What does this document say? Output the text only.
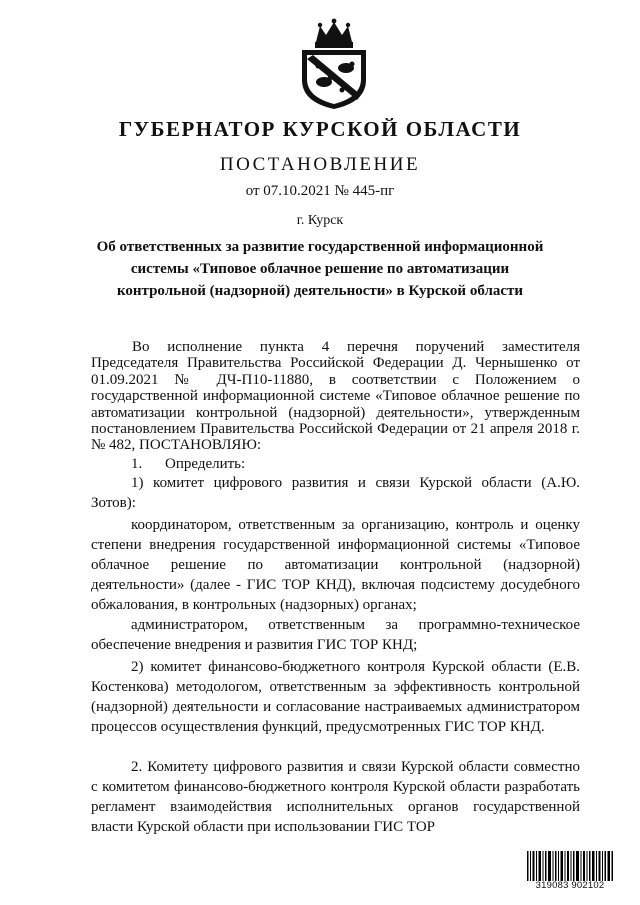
ГУБЕРНАТОР КУРСКОЙ ОБЛАСТИ
ПОСТАНОВЛЕНИЕ
от 07.10.2021 № 445-пг
г. Курск
Об ответственных за развитие государственной информационной системы «Типовое облачное решение по автоматизации контрольной (надзорной) деятельности» в Курской области
Во исполнение пункта 4 перечня поручений заместителя Председателя Правительства Российской Федерации Д. Чернышенко от 01.09.2021 № ДЧ-П10-11880, в соответствии с Положением о государственной информационной системе «Типовое облачное решение по автоматизации контрольной (надзорной) деятельности», утвержденным постановлением Правительства Российской Федерации от 21 апреля 2018 г. № 482, ПОСТАНОВЛЯЮ:
1. Определить:
1) комитет цифрового развития и связи Курской области (А.Ю. Зотов):
координатором, ответственным за организацию, контроль и оценку степени внедрения государственной информационной системы «Типовое облачное решение по автоматизации контрольной (надзорной) деятельности» (далее - ГИС ТОР КНД), включая подсистему досудебного обжалования, в контрольных (надзорных) органах;
администратором, ответственным за программно-техническое обеспечение внедрения и развития ГИС ТОР КНД;
2) комитет финансово-бюджетного контроля Курской области (Е.В. Костенкова) методологом, ответственным за эффективность контрольной (надзорной) деятельности и согласование настраиваемых администратором процессов осуществления функций, предусмотренных ГИС ТОР КНД.
2. Комитету цифрового развития и связи Курской области совместно с комитетом финансово-бюджетного контроля Курской области разработать регламент взаимодействия исполнительных органов государственной власти Курской области при использовании ГИС ТОР
319083 902102
